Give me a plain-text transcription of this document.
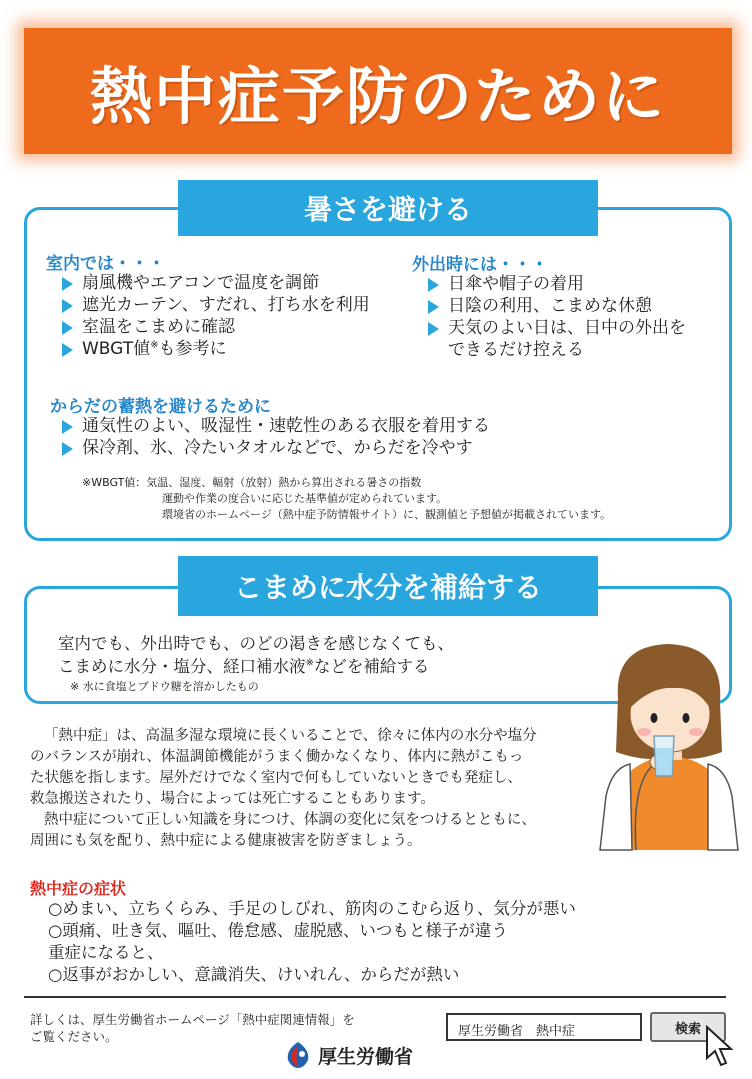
熱中症予防のために
暑さを避ける
室内では・・・
扇風機やエアコンで温度を調節
遮光カーテン、すだれ、打ち水を利用
室温をこまめに確認
WBGT値※も参考に
外出時には・・・
日傘や帽子の着用
日陰の利用、こまめな休憩
天気のよい日は、日中の外出を
できるだけ控える
からだの蓄熱を避けるために
通気性のよい、吸湿性・速乾性のある衣服を着用する
保冷剤、氷、冷たいタオルなどで、からだを冷やす
※WBGT値：気温、湿度、輻射（放射）熱から算出される暑さの指数
運動や作業の度合いに応じた基準値が定められています。
環境省のホームページ（熱中症予防情報サイト）に、観測値と予想値が掲載されています。
こまめに水分を補給する
室内でも、外出時でも、のどの渇きを感じなくても、
こまめに水分・塩分、経口補水液※などを補給する
※ 水に食塩とブドウ糖を溶かしたもの
「熱中症」は、高温多湿な環境に長くいることで、徐々に体内の水分や塩分
のバランスが崩れ、体温調節機能がうまく働かなくなり、体内に熱がこもっ
た状態を指します。屋外だけでなく室内で何もしていないときでも発症し、
救急搬送されたり、場合によっては死亡することもあります。
熱中症について正しい知識を身につけ、体調の変化に気をつけるとともに、
周囲にも気を配り、熱中症による健康被害を防ぎましょう。
熱中症の症状
○めまい、立ちくらみ、手足のしびれ、筋肉のこむら返り、気分が悪い
○頭痛、吐き気、嘔吐、倦怠感、虚脱感、いつもと様子が違う
重症になると、
○返事がおかしい、意識消失、けいれん、からだが熱い
詳しくは、厚生労働省ホームページ「熱中症関連情報」を
ご覧ください。
厚生労働省
厚生労働省　熱中症	検索
